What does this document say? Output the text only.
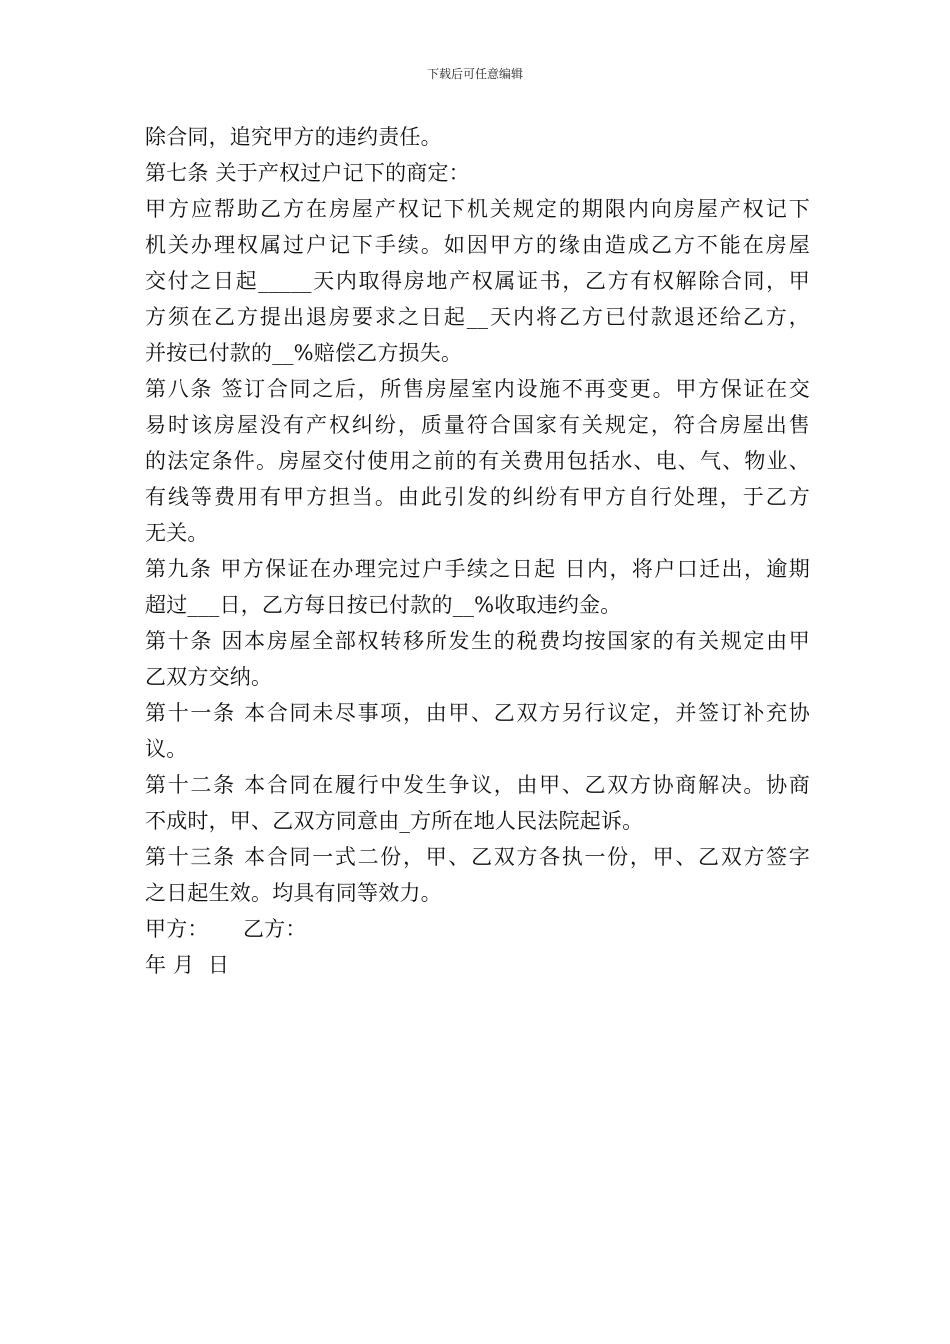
下载后可任意编辑
除合同，追究甲方的违约责任。
第七条 关于产权过户记下的商定：
甲方应帮助乙方在房屋产权记下机关规定的期限内向房屋产权记下
机关办理权属过户记下手续。如因甲方的缘由造成乙方不能在房屋
交付之日起_____天内取得房地产权属证书，乙方有权解除合同，甲
方须在乙方提出退房要求之日起__天内将乙方已付款退还给乙方，
并按已付款的__%赔偿乙方损失。
第八条 签订合同之后，所售房屋室内设施不再变更。甲方保证在交
易时该房屋没有产权纠纷，质量符合国家有关规定，符合房屋出售
的法定条件。房屋交付使用之前的有关费用包括水、电、气、物业、
有线等费用有甲方担当。由此引发的纠纷有甲方自行处理，于乙方
无关。
第九条 甲方保证在办理完过户手续之日起 日内，将户口迁出，逾期
超过___日，乙方每日按已付款的__%收取违约金。
第十条 因本房屋全部权转移所发生的税费均按国家的有关规定由甲
乙双方交纳。
第十一条 本合同未尽事项，由甲、乙双方另行议定，并签订补充协
议。
第十二条 本合同在履行中发生争议，由甲、乙双方协商解决。协商
不成时，甲、乙双方同意由_方所在地人民法院起诉。
第十三条 本合同一式二份，甲、乙双方各执一份，甲、乙双方签字
之日起生效。均具有同等效力。
甲方：     乙方：
年 月  日
